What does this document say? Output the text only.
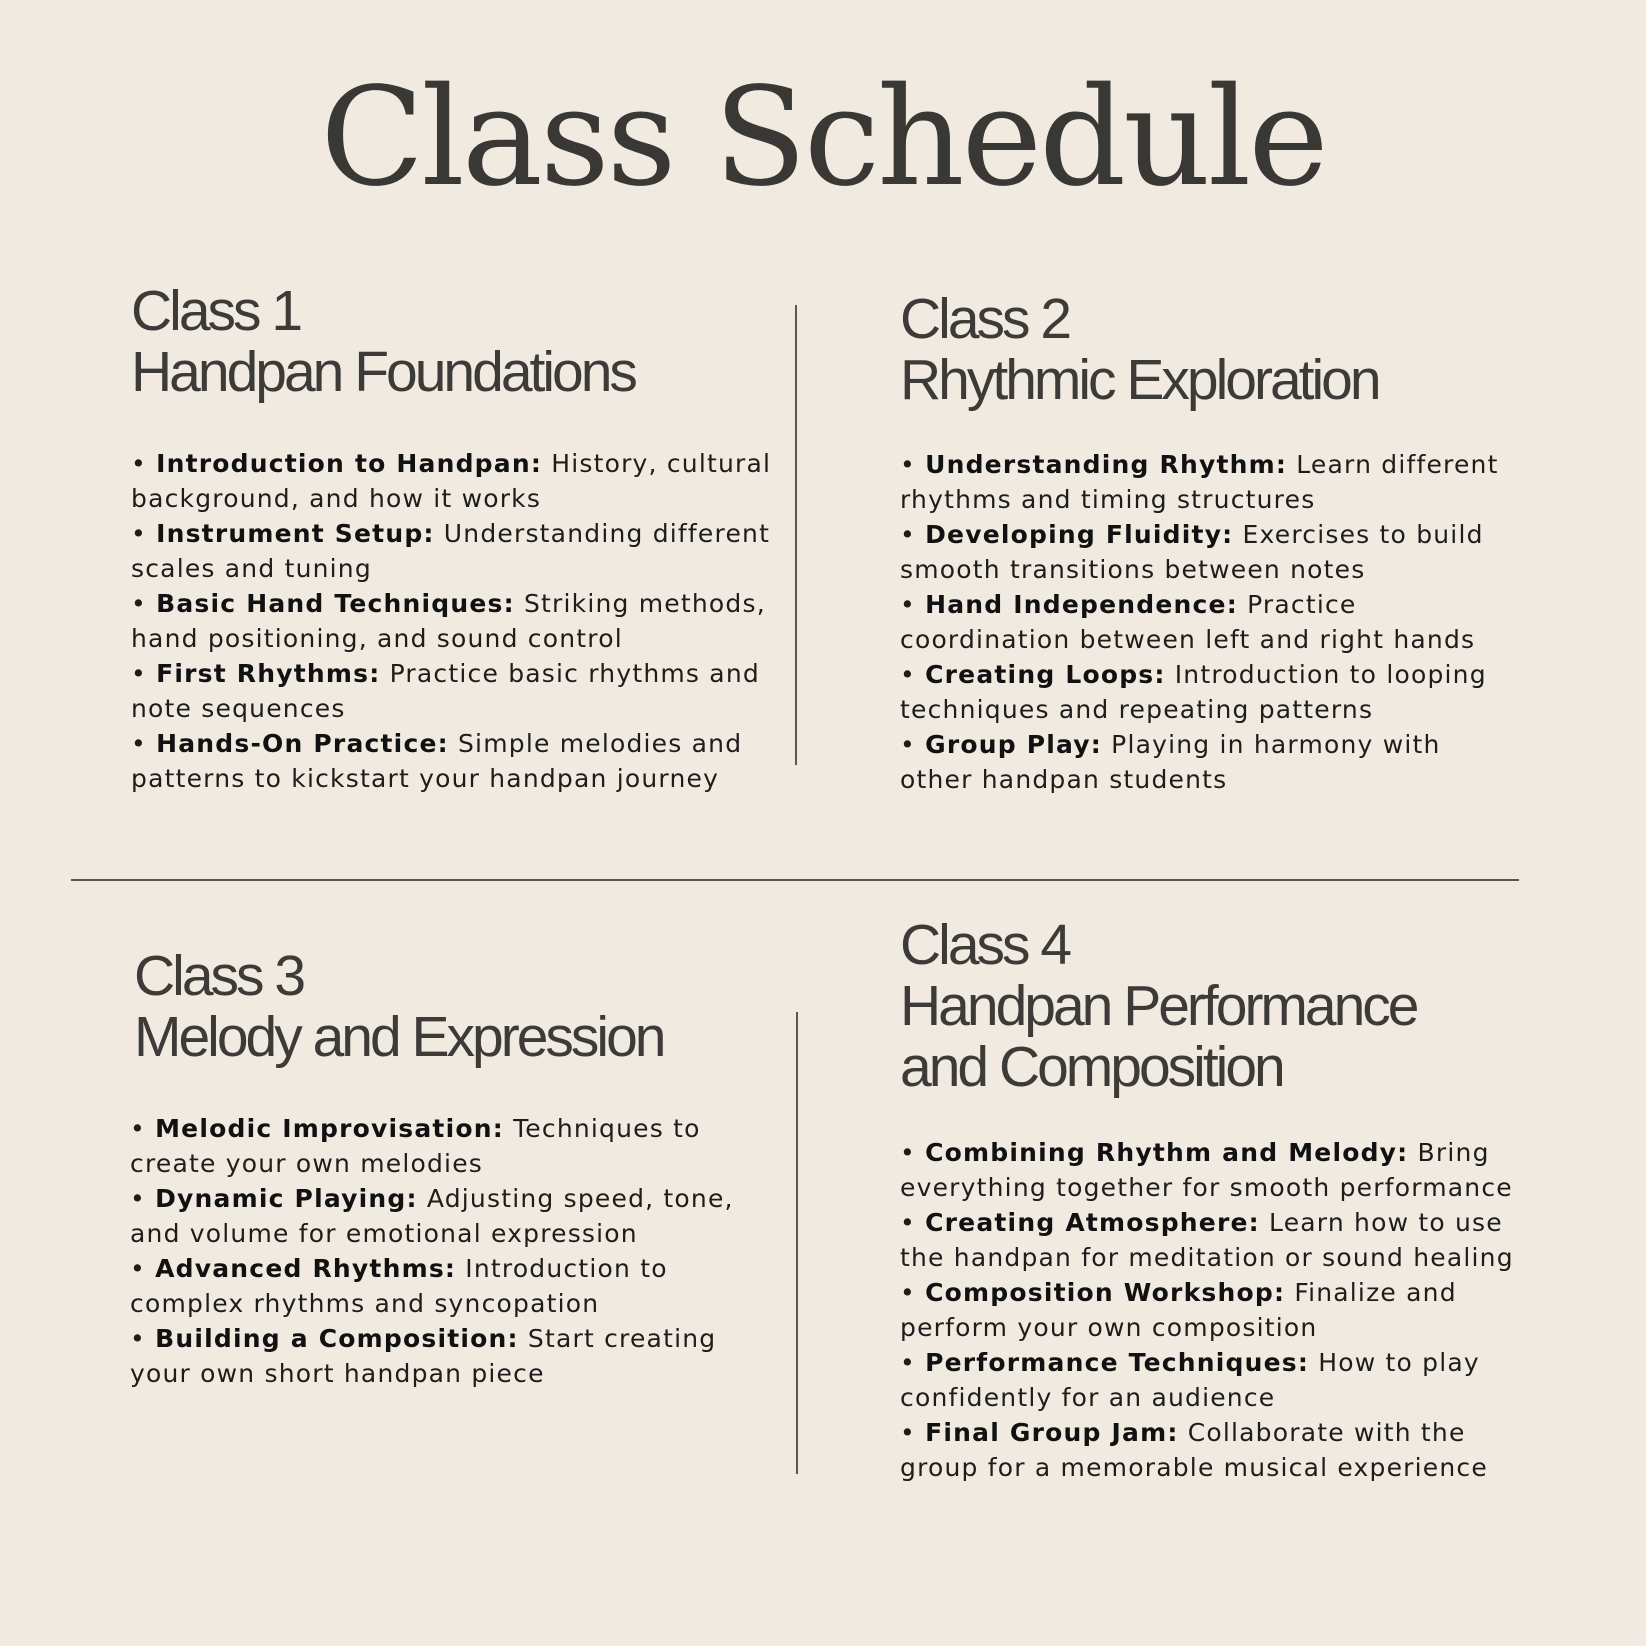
Class Schedule
Class 1
Handpan Foundations
• Introduction to Handpan: History, cultural background, and how it works
• Instrument Setup: Understanding different scales and tuning
• Basic Hand Techniques: Striking methods, hand positioning, and sound control
• First Rhythms: Practice basic rhythms and note sequences
• Hands-On Practice: Simple melodies and patterns to kickstart your handpan journey
Class 2
Rhythmic Exploration
• Understanding Rhythm: Learn different rhythms and timing structures
• Developing Fluidity: Exercises to build smooth transitions between notes
• Hand Independence: Practice coordination between left and right hands
• Creating Loops: Introduction to looping techniques and repeating patterns
• Group Play: Playing in harmony with other handpan students
Class 3
Melody and Expression
• Melodic Improvisation: Techniques to create your own melodies
• Dynamic Playing: Adjusting speed, tone, and volume for emotional expression
• Advanced Rhythms: Introduction to complex rhythms and syncopation
• Building a Composition: Start creating your own short handpan piece
Class 4
Handpan Performance and Composition
• Combining Rhythm and Melody: Bring everything together for smooth performance
• Creating Atmosphere: Learn how to use the handpan for meditation or sound healing
• Composition Workshop: Finalize and perform your own composition
• Performance Techniques: How to play confidently for an audience
• Final Group Jam: Collaborate with the group for a memorable musical experience
